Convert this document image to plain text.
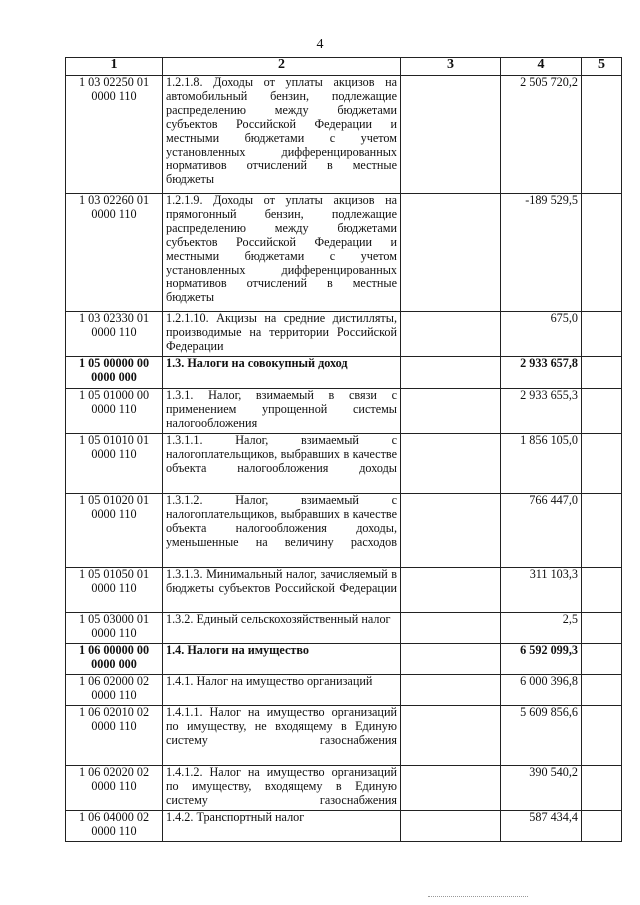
4
1	2	3	4	5
1 03 02250 01 0000 110	1.2.1.8. Доходы от уплаты акцизов на автомобильный бензин, подлежащие распределению между бюджетами субъектов Российской Федерации и местными бюджетами с учетом установленных дифференцированных нормативов отчислений в местные бюджеты		2 505 720,2	
1 03 02260 01 0000 110	1.2.1.9. Доходы от уплаты акцизов на прямогонный бензин, подлежащие распределению между бюджетами субъектов Российской Федерации и местными бюджетами с учетом установленных дифференцированных нормативов отчислений в местные бюджеты		-189 529,5	
1 03 02330 01 0000 110	1.2.1.10. Акцизы на средние дистилляты, производимые на территории Российской Федерации		675,0	
1 05 00000 00 0000 000	1.3. Налоги на совокупный доход		2 933 657,8	
1 05 01000 00 0000 110	1.3.1. Налог, взимаемый в связи с применением упрощенной системы налогообложения		2 933 655,3	
1 05 01010 01 0000 110	1.3.1.1. Налог, взимаемый с налогоплательщиков, выбравших в качестве объекта налогообложения доходы		1 856 105,0	
1 05 01020 01 0000 110	1.3.1.2. Налог, взимаемый с налогоплательщиков, выбравших в качестве объекта налогообложения доходы, уменьшенные на величину расходов		766 447,0	
1 05 01050 01 0000 110	1.3.1.3. Минимальный налог, зачисляемый в бюджеты субъектов Российской Федерации		311 103,3	
1 05 03000 01 0000 110	1.3.2. Единый сельскохозяйственный налог		2,5	
1 06 00000 00 0000 000	1.4. Налоги на имущество		6 592 099,3	
1 06 02000 02 0000 110	1.4.1. Налог на имущество организаций		6 000 396,8	
1 06 02010 02 0000 110	1.4.1.1. Налог на имущество организаций по имуществу, не входящему в Единую систему газоснабжения		5 609 856,6	
1 06 02020 02 0000 110	1.4.1.2. Налог на имущество организаций по имуществу, входящему в Единую систему газоснабжения		390 540,2	
1 06 04000 02 0000 110	1.4.2. Транспортный налог		587 434,4	
